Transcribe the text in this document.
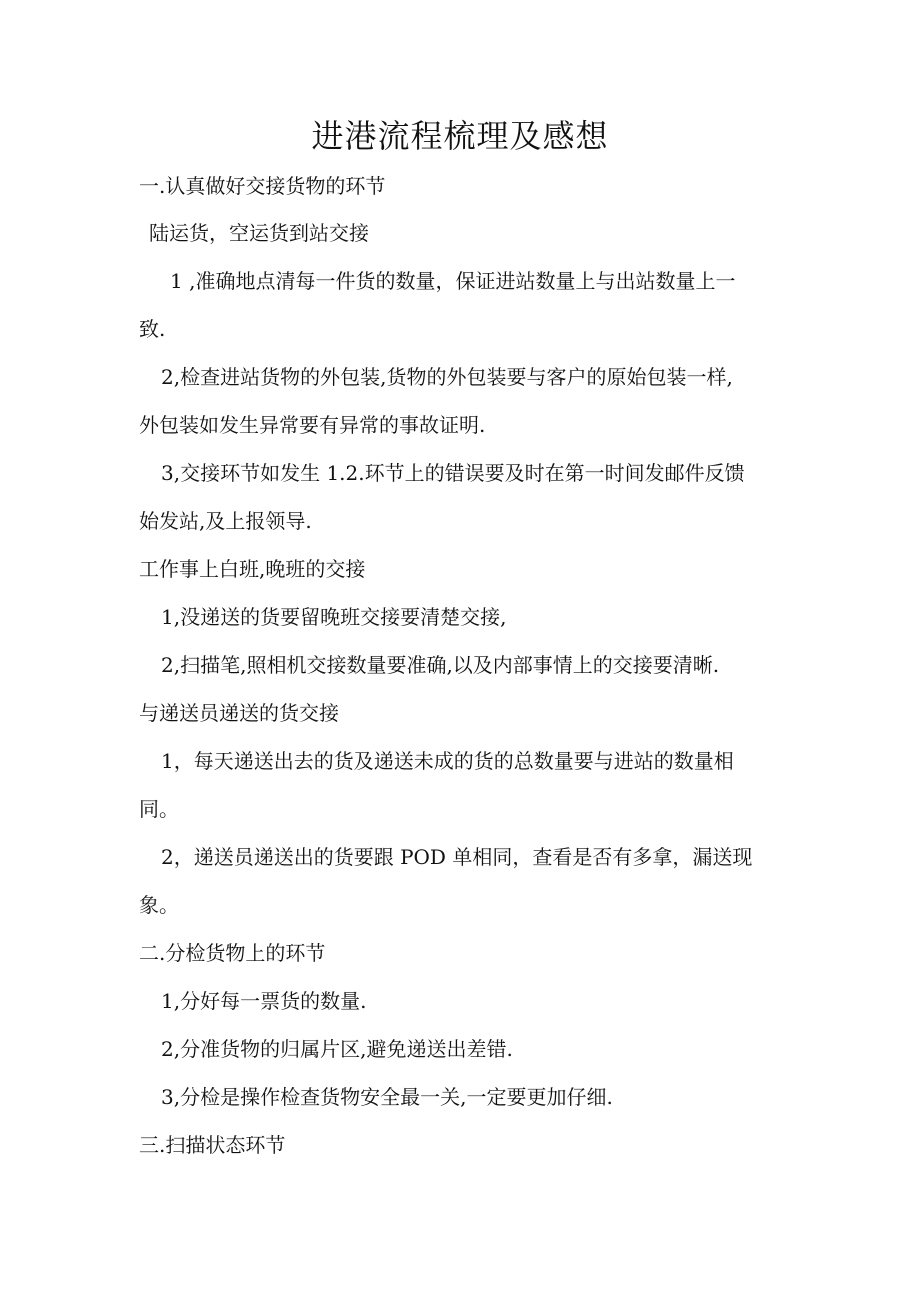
进港流程梳理及感想
一.认真做好交接货物的环节
陆运货，空运货到站交接
1 ,准确地点清每一件货的数量，保证进站数量上与出站数量上一
致.
2,检查进站货物的外包装,货物的外包装要与客户的原始包装一样,
外包装如发生异常要有异常的事故证明.
3,交接环节如发生 1.2.环节上的错误要及时在第一时间发邮件反馈
始发站,及上报领导.
工作事上白班,晚班的交接
1,没递送的货要留晚班交接要清楚交接,
2,扫描笔,照相机交接数量要准确,以及内部事情上的交接要清晰.
与递送员递送的货交接
1，每天递送出去的货及递送未成的货的总数量要与进站的数量相
同。
2，递送员递送出的货要跟 POD 单相同，查看是否有多拿，漏送现
象。
二.分检货物上的环节
1,分好每一票货的数量.
2,分准货物的归属片区,避免递送出差错.
3,分检是操作检查货物安全最一关,一定要更加仔细.
三.扫描状态环节
